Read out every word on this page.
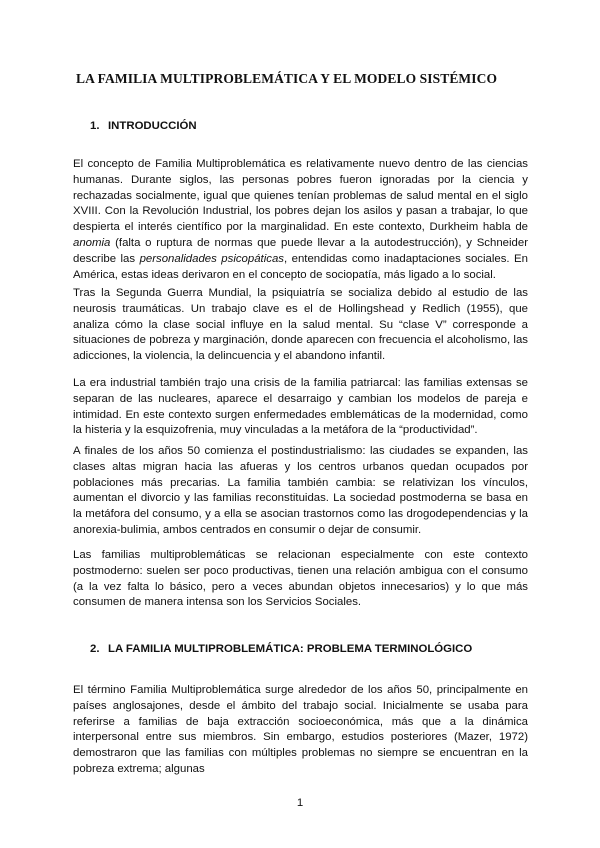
LA FAMILIA MULTIPROBLEMÁTICA Y EL MODELO SISTÉMICO
1. INTRODUCCIÓN

El concepto de Familia Multiproblemática es relativamente nuevo dentro de las ciencias humanas. Durante siglos, las personas pobres fueron ignoradas por la ciencia y rechazadas socialmente, igual que quienes tenían problemas de salud mental en el siglo XVIII. Con la Revolución Industrial, los pobres dejan los asilos y pasan a trabajar, lo que despierta el interés científico por la marginalidad. En este contexto, Durkheim habla de anomia (falta o ruptura de normas que puede llevar a la autodestrucción), y Schneider describe las personalidades psicopáticas, entendidas como inadaptaciones sociales. En América, estas ideas derivaron en el concepto de sociopatía, más ligado a lo social.

Tras la Segunda Guerra Mundial, la psiquiatría se socializa debido al estudio de las neurosis traumáticas. Un trabajo clave es el de Hollingshead y Redlich (1955), que analiza cómo la clase social influye en la salud mental. Su “clase V” corresponde a situaciones de pobreza y marginación, donde aparecen con frecuencia el alcoholismo, las adicciones, la violencia, la delincuencia y el abandono infantil.

La era industrial también trajo una crisis de la familia patriarcal: las familias extensas se separan de las nucleares, aparece el desarraigo y cambian los modelos de pareja e intimidad. En este contexto surgen enfermedades emblemáticas de la modernidad, como la histeria y la esquizofrenia, muy vinculadas a la metáfora de la “productividad”.

A finales de los años 50 comienza el postindustrialismo: las ciudades se expanden, las clases altas migran hacia las afueras y los centros urbanos quedan ocupados por poblaciones más precarias. La familia también cambia: se relativizan los vínculos, aumentan el divorcio y las familias reconstituidas. La sociedad postmoderna se basa en la metáfora del consumo, y a ella se asocian trastornos como las drogodependencias y la anorexia-bulimia, ambos centrados en consumir o dejar de consumir.

Las familias multiproblemáticas se relacionan especialmente con este contexto postmoderno: suelen ser poco productivas, tienen una relación ambigua con el consumo (a la vez falta lo básico, pero a veces abundan objetos innecesarios) y lo que más consumen de manera intensa son los Servicios Sociales.

2. LA FAMILIA MULTIPROBLEMÁTICA: PROBLEMA TERMINOLÓGICO

El término Familia Multiproblemática surge alrededor de los años 50, principalmente en países anglosajones, desde el ámbito del trabajo social. Inicialmente se usaba para referirse a familias de baja extracción socioeconómica, más que a la dinámica interpersonal entre sus miembros. Sin embargo, estudios posteriores (Mazer, 1972) demostraron que las familias con múltiples problemas no siempre se encuentran en la pobreza extrema; algunas

1
